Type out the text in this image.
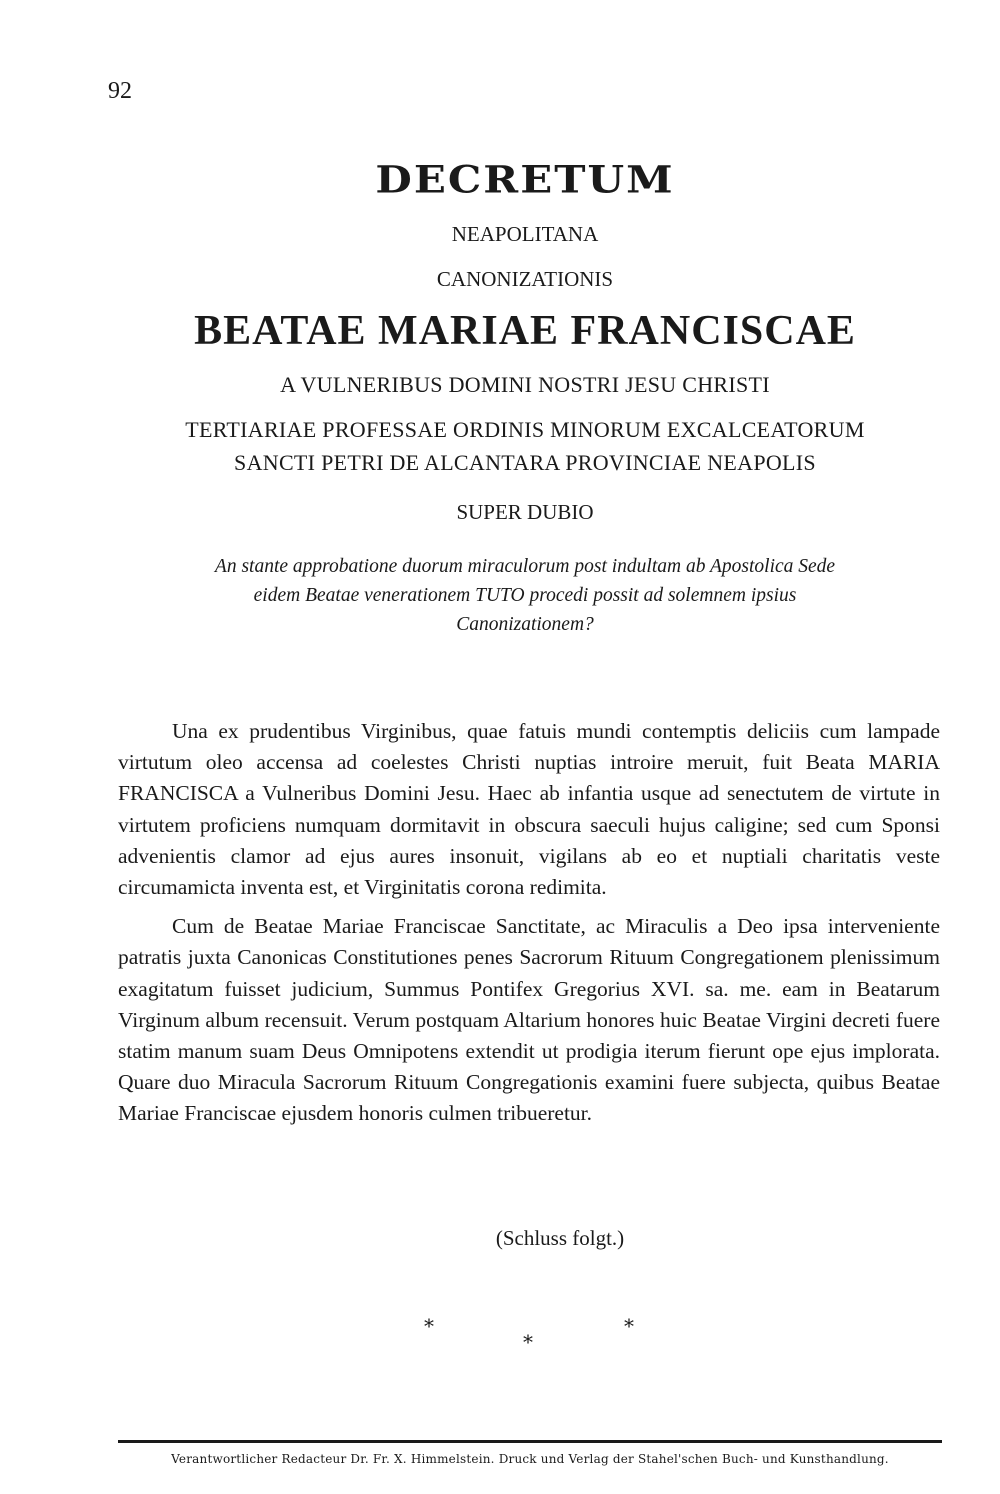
92
DECRETUM
NEAPOLITANA
CANONIZATIONIS
BEATAE MARIAE FRANCISCAE
A VULNERIBUS DOMINI NOSTRI JESU CHRISTI
TERTIARIAE PROFESSAE ORDINIS MINORUM EXCALCEATORUM
SANCTI PETRI DE ALCANTARA PROVINCIAE NEAPOLIS
SUPER DUBIO

An stante approbatione duorum miraculorum post indultam ab Apostolica Sede

eidem Beatae venerationem TUTO procedi possit ad solemnem ipsius

Canonizationem?

Una ex prudentibus Virginibus, quae fatuis mundi contemptis deliciis cum lampade virtutum oleo accensa ad coelestes Christi nuptias introire meruit, fuit Beata MARIA FRANCISCA a Vulneribus Domini Jesu. Haec ab infantia usque ad senectutem de virtute in virtutem proficiens numquam dormitavit in obscura saeculi hujus caligine; sed cum Sponsi advenientis clamor ad ejus aures insonuit, vigilans ab eo et nuptiali charitatis veste circumamicta inventa est, et Virginitatis corona redimita.

Cum de Beatae Mariae Franciscae Sanctitate, ac Miraculis a Deo ipsa interveniente patratis juxta Canonicas Constitutiones penes Sacrorum Rituum Congregationem plenissimum exagitatum fuisset judicium, Summus Pontifex Gregorius XVI. sa. me. eam in Beatarum Virginum album recensuit. Verum postquam Altarium honores huic Beatae Virgini decreti fuere statim manum suam Deus Omnipotens extendit ut prodigia iterum fierunt ope ejus implorata. Quare duo Miracula Sacrorum Rituum Congregationis examini fuere subjecta, quibus Beatae Mariae Franciscae ejusdem honoris culmen tribueretur.

(Schluss folgt.)
*	*
*
Verantwortlicher Redacteur Dr. Fr. X. Himmelstein. Druck und Verlag der Stahel'schen Buch- und Kunsthandlung.
